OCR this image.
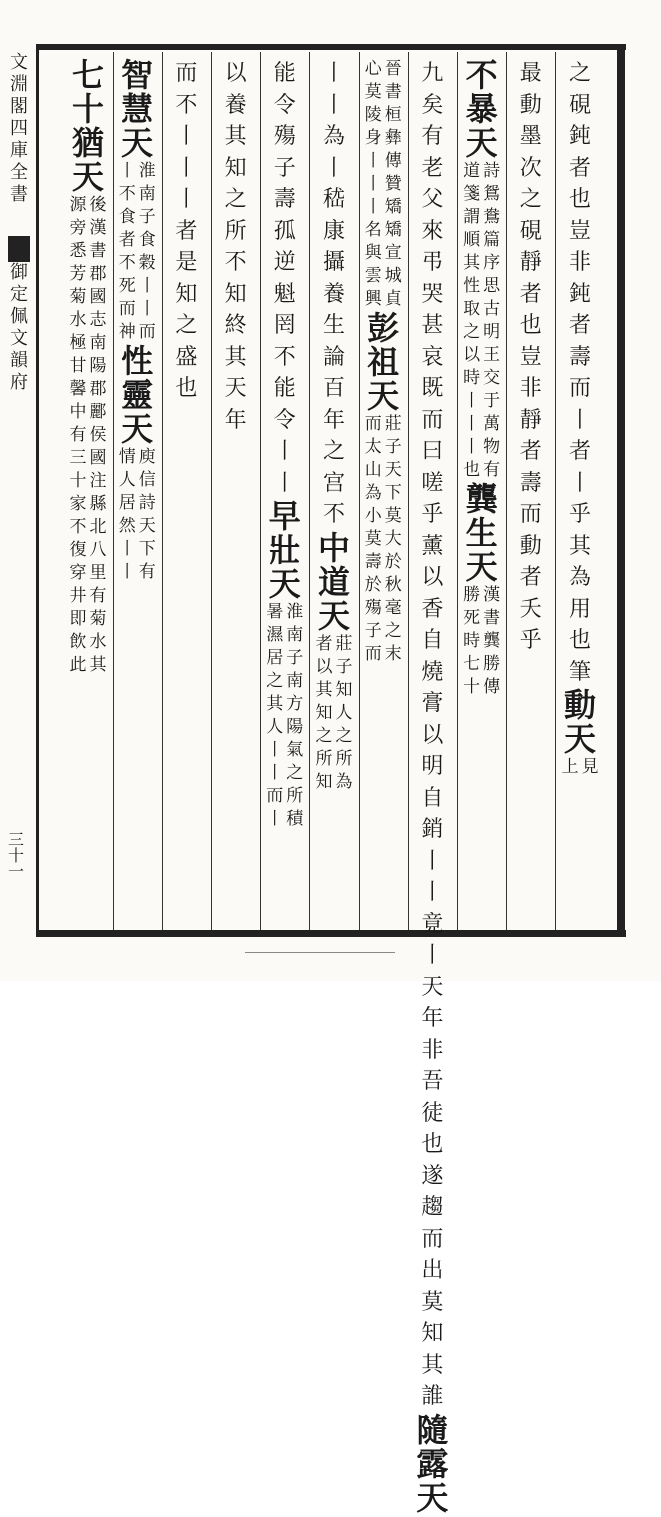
文
淵
閣
四
庫
全
書
御
定
佩
文
韻
府
三
十
一
之
硯
鈍
者
也
豈
非
鈍
者
壽
而
丨
者
丨
乎
其
為
用
也
筆
動
天
見
上
最
動
墨
次
之
硯
靜
者
也
豈
非
靜
者
壽
而
動
者
夭
乎
不
暴
天
詩
鴛
鴦
篇
序
思
古
明
王
交
于
萬
物
有
道
箋
謂
順
其
性
取
之
以
時
丨
丨
丨
也
龔
生
天
漢
書
龔
勝
傳
勝
死
時
七
十
九
矣
有
老
父
來
弔
哭
甚
哀
既
而
曰
嗟
乎
薰
以
香
自
燒
膏
以
明
自
銷
丨
丨
竟
丨
天
年
非
吾
徒
也
遂
趨
而
出
莫
知
其
誰
隨
露
天
晉
書
桓
彝
傳
贊
矯
矯
宣
城
貞
心
莫
陵
身
丨
丨
丨
名
與
雲
興
彭
祖
天
莊
子
天
下
莫
大
於
秋
毫
之
末
而
太
山
為
小
莫
壽
於
殤
子
而
丨
丨
為
丨
嵇
康
攝
養
生
論
百
年
之
宫
不
中
道
天
莊
子
知
人
之
所
為
者
以
其
知
之
所
知
能
令
殤
子
壽
孤
逆
魁
罔
不
能
令
丨
丨
早
壯
天
淮
南
子
南
方
陽
氣
之
所
積
暑
濕
居
之
其
人
丨
丨
而
丨
以
養
其
知
之
所
不
知
終
其
天
年
而
不
丨
丨
丨
者
是
知
之
盛
也
智
慧
天
淮
南
子
食
穀
丨
丨
而
丨
不
食
者
不
死
而
神
性
靈
天
庾
信
詩
天
下
有
情
人
居
然
丨
丨
七
十
猶
天
後
漢
書
郡
國
志
南
陽
郡
酈
侯
國
注
縣
北
八
里
有
菊
水
其
源
旁
悉
芳
菊
水
極
甘
馨
中
有
三
十
家
不
復
穿
井
即
飲
此
